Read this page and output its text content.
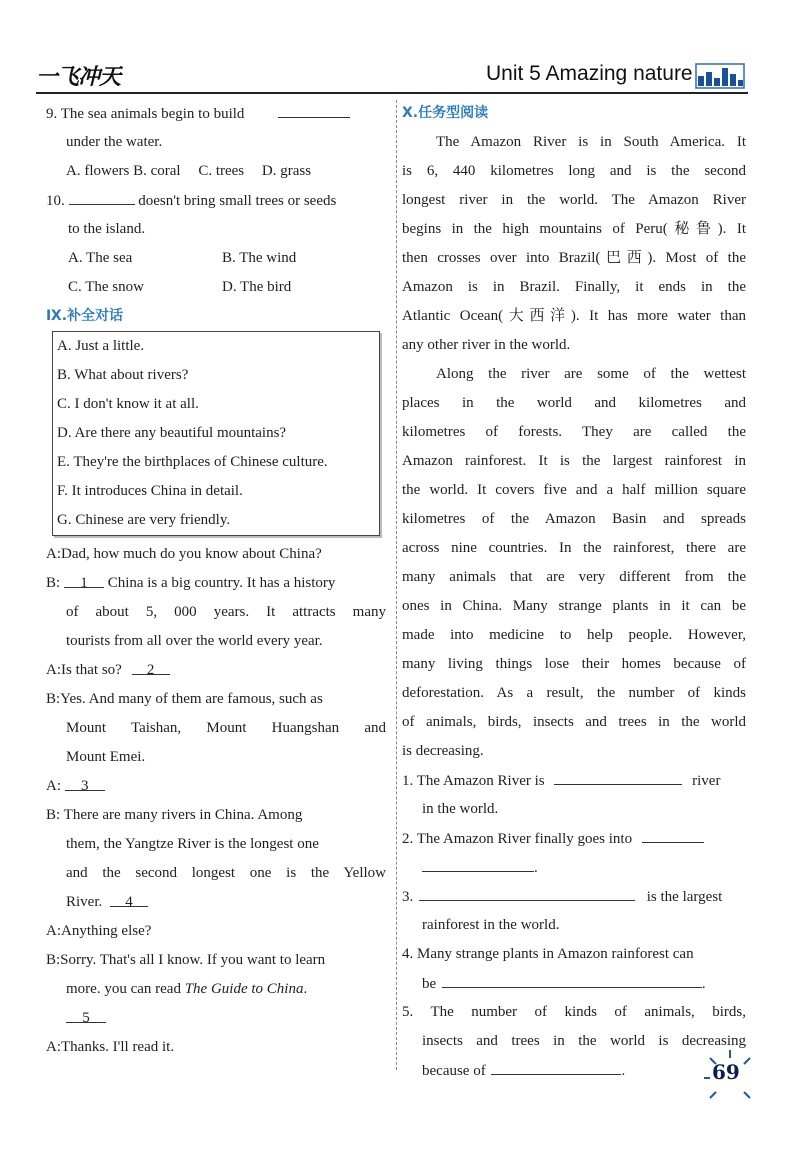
一飞冲天	Unit 5 Amazing nature
9. The sea animals begin to build
under the water.
A. flowers B. coral C. trees D. grass
10.	doesn't bring small trees or seeds
to the island.
A. The sea	B. The wind
C. The snow	D. The bird
Ⅸ.补全对话
A. Just a little.
B. What about rivers?
C. I don't know it at all.
D. Are there any beautiful mountains?
E. They're the birthplaces of Chinese culture.
F. It introduces China in detail.
G. Chinese are very friendly.
A:Dad, how much do you know about China?
B: 1 China is a big country. It has a history
of about 5, 000 years. It attracts many
tourists from all over the world every year.
A:Is that so? 2
B:Yes. And many of them are famous, such as
Mount Taishan, Mount Huangshan and
Mount Emei.
A: 3
B: There are many rivers in China. Among
them, the Yangtze River is the longest one
and the second longest one is the Yellow
River. 4
A:Anything else?
B:Sorry. That's all I know. If you want to learn
more. you can read The Guide to China.
5
A:Thanks. I'll read it.
Ⅹ.任务型阅读
The Amazon River is in South America. It
is 6, 440 kilometres long and is the second
longest river in the world. The Amazon River
begins in the high mountains of Peru(秘鲁). It
then crosses over into Brazil(巴西). Most of the
Amazon is in Brazil. Finally, it ends in the
Atlantic Ocean(大西洋). It has more water than
any other river in the world.
Along the river are some of the wettest
places in the world and kilometres and
kilometres of forests. They are called the
Amazon rainforest. It is the largest rainforest in
the world. It covers five and a half million square
kilometres of the Amazon Basin and spreads
across nine countries. In the rainforest, there are
many animals that are very different from the
ones in China. Many strange plants in it can be
made into medicine to help people. However,
many living things lose their homes because of
deforestation. As a result, the number of kinds
of animals, birds, insects and trees in the world
is decreasing.
1. The Amazon River is	river
in the world.
2. The Amazon River finally goes into
.
3.	is the largest
rainforest in the world.
4. Many strange plants in Amazon rainforest can
be	.
5. The number of kinds of animals, birds,
insects and trees in the world is decreasing
because of	.	69
